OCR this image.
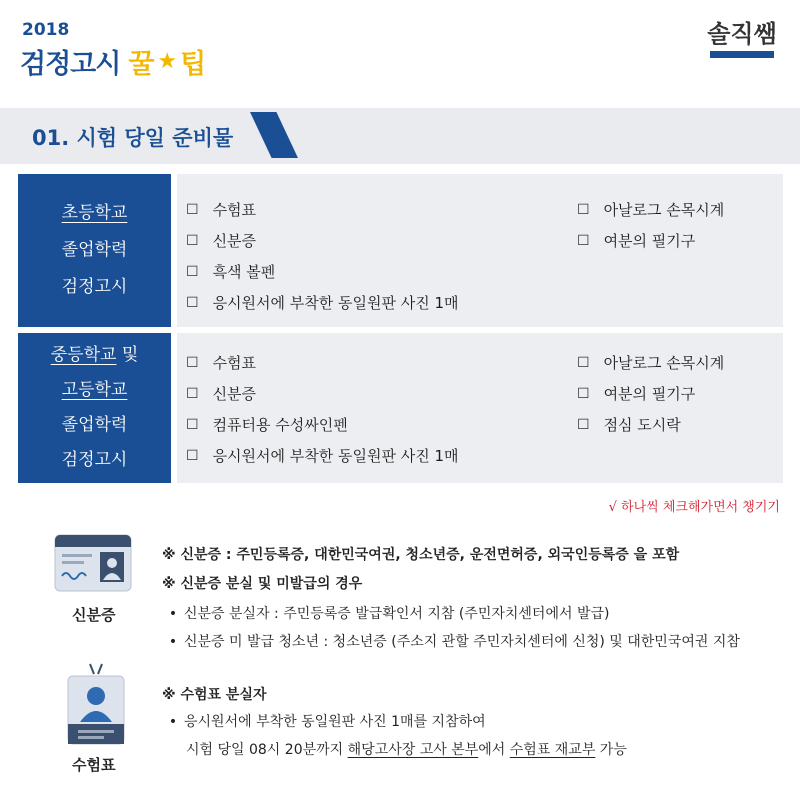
2018
검정고시 꿀 ★ 팁
솔직쌤
01. 시험 당일 준비물
초등학교
졸업학력
검정고시
☐ 수험표
☐ 신분증
☐ 흑색 볼펜
☐ 응시원서에 부착한 동일원판 사진 1매
☐ 아날로그 손목시계
☐ 여분의 필기구
중등학교 및
고등학교
졸업학력
검정고시
☐ 수험표
☐ 신분증
☐ 컴퓨터용 수성싸인펜
☐ 응시원서에 부착한 동일원판 사진 1매
☐ 아날로그 손목시계
☐ 여분의 필기구
☐ 점심 도시락
√ 하나씩 체크해가면서 챙기기
신분증
※ 신분증 : 주민등록증, 대한민국여권, 청소년증, 운전면허증, 외국인등록증 을 포함
※ 신분증 분실 및 미발급의 경우
• 신분증 분실자 : 주민등록증 발급확인서 지참 (주민자치센터에서 발급)
• 신분증 미 발급 청소년 : 청소년증 (주소지 관할 주민자치센터에 신청) 및 대한민국여권 지참
수험표
※ 수험표 분실자
• 응시원서에 부착한 동일원판 사진 1매를 지참하여
시험 당일 08시 20분까지 해당고사장 고사 본부에서 수험표 재교부 가능
